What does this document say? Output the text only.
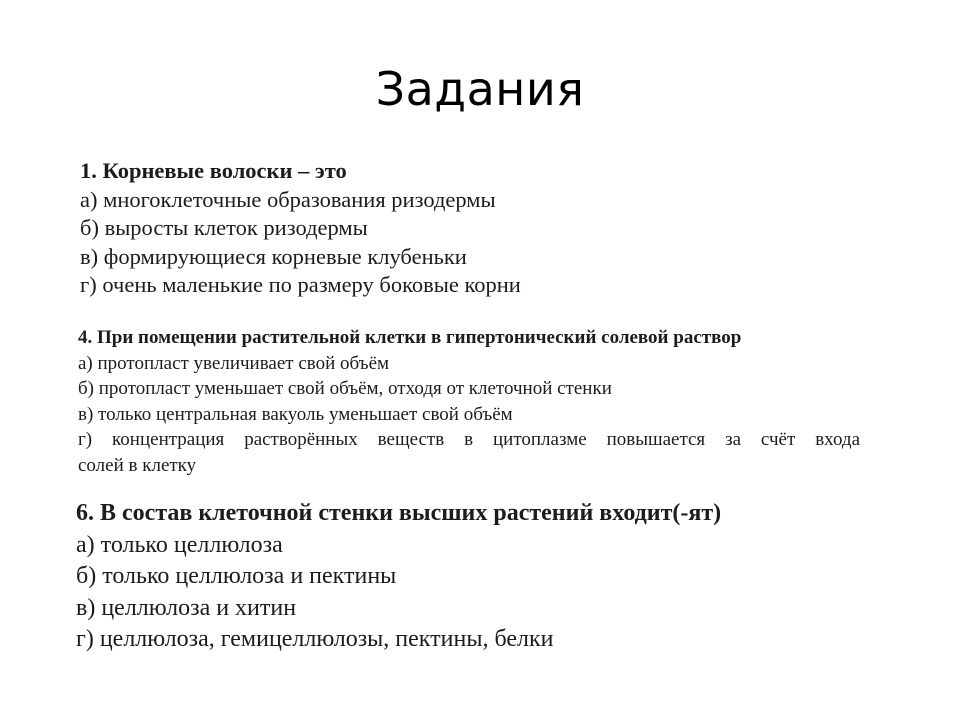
Задания
1. Корневые волоски – это
а) многоклеточные образования ризодермы
б) выросты клеток ризодермы
в) формирующиеся корневые клубеньки
г) очень маленькие по размеру боковые корни
4. При помещении растительной клетки в гипертонический солевой раствор
а) протопласт увеличивает свой объём
б) протопласт уменьшает свой объём, отходя от клеточной стенки
в) только центральная вакуоль уменьшает свой объём
г) концентрация растворённых веществ в цитоплазме повышается за счёт входа
солей в клетку
6. В состав клеточной стенки высших растений входит(-ят)
а) только целлюлоза
б) только целлюлоза и пектины
в) целлюлоза и хитин
г) целлюлоза, гемицеллюлозы, пектины, белки
